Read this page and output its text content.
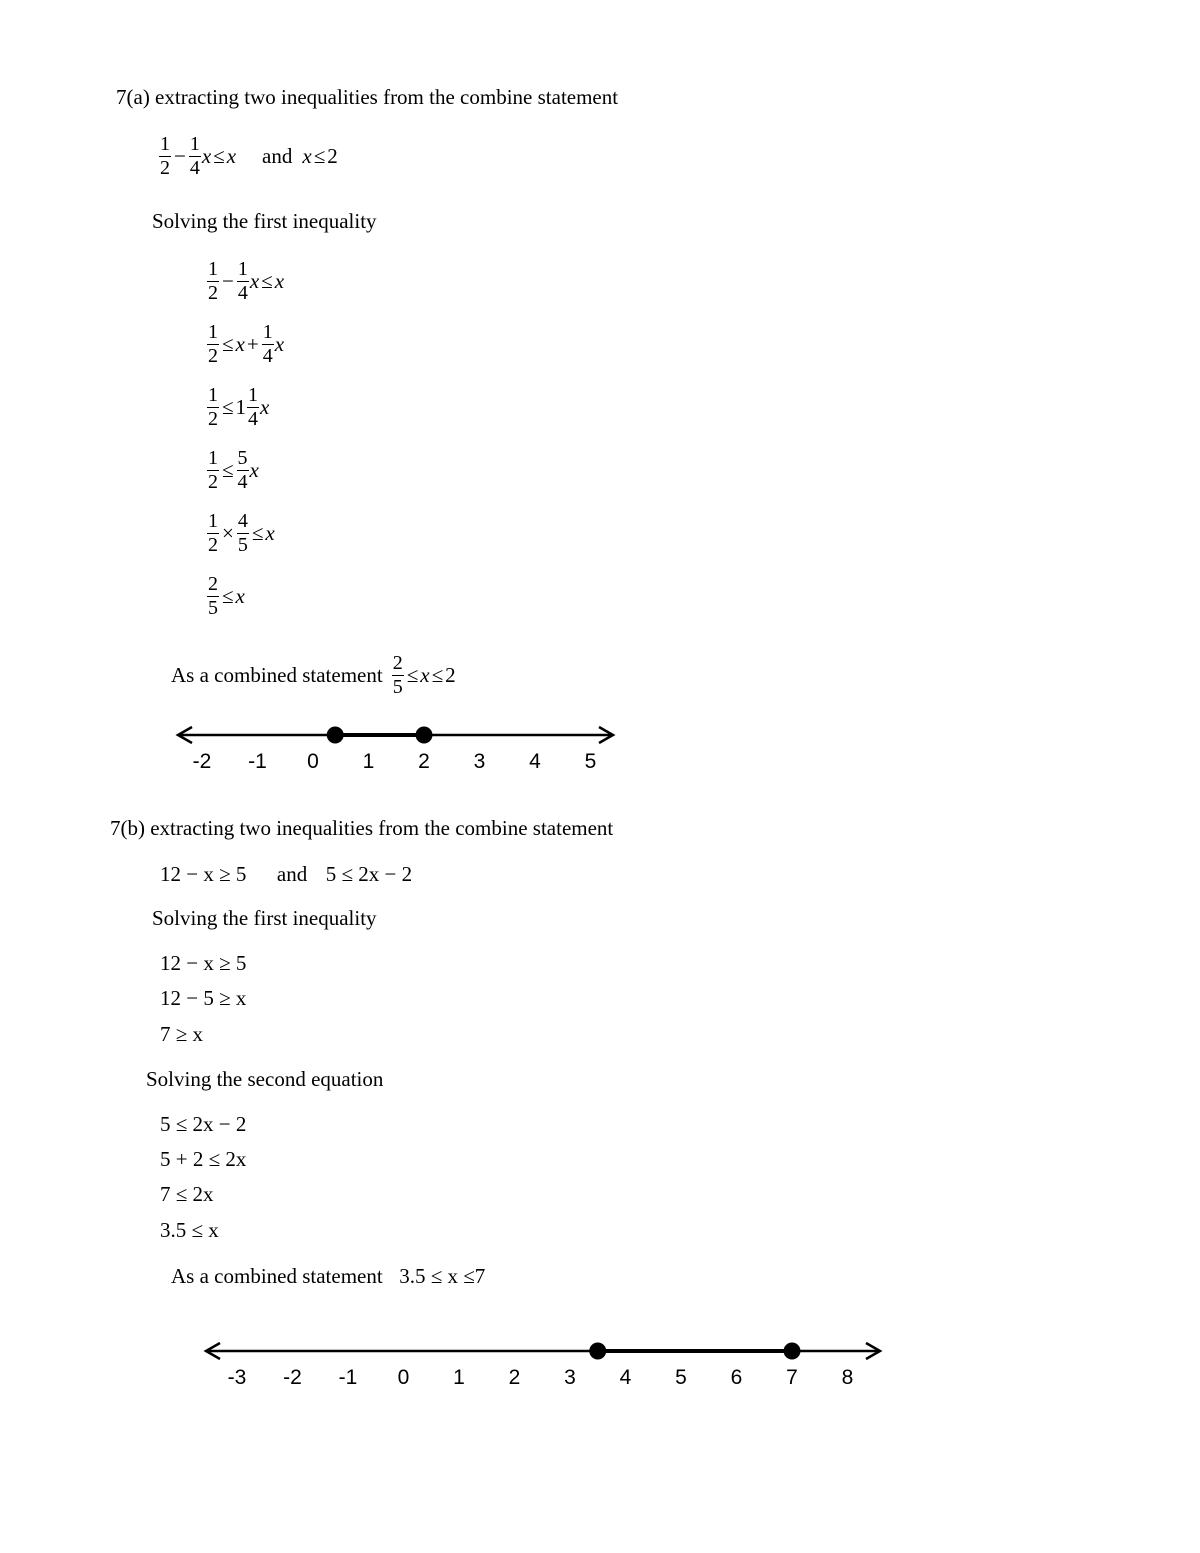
7(a) extracting two inequalities from the combine statement
$\frac{1}{2} - \frac{1}{4}$ x ≤ x and x ≤ 2
Solving the first inequality
$\frac{1}{2} - \frac{1}{4}$ x ≤ x
$\frac{1}{2} \le x + \frac{1}{4}$ x
$\frac{1}{2} \le 1 \frac{1}{4}$ x
$\frac{1}{2} \le \frac{5}{4}$ x
$\frac{1}{2} \times \frac{4}{5} \le x$
$\frac{2}{5} \le x$
As a combined statement $\frac{2}{5} \le x \le 2$
-2 -1 0 1 2 3 4 5
7(b) extracting two inequalities from the combine statement
12 − x ≥ 5 and 5 ≤ 2x − 2
Solving the first inequality
12 − x ≥ 5
12 − 5 ≥ x
7 ≥ x
Solving the second equation
5 ≤ 2x − 2
5 + 2 ≤ 2x
7 ≤ 2x
3.5 ≤ x
As a combined statement 3.5 ≤ x ≤7
-3 -2 -1 0 1 2 3 4 5 6 7 8
